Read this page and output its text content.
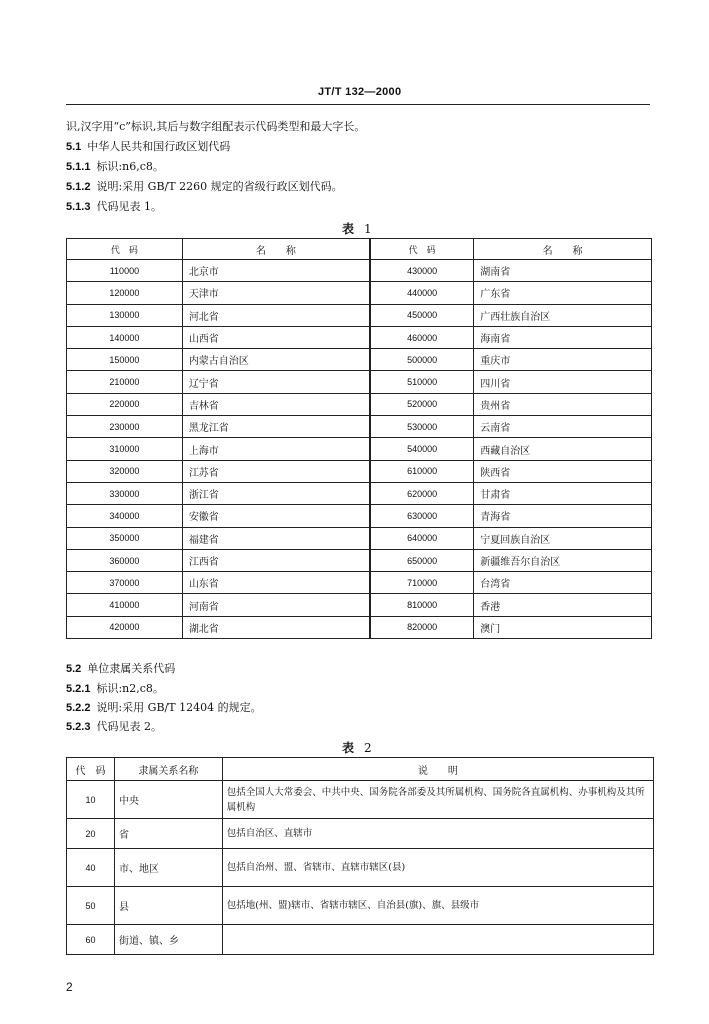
JT/T 132—2000
识,汉字用“c”标识,其后与数字组配表示代码类型和最大字长。
5.1 中华人民共和国行政区划代码
5.1.1 标识:n6,c8。
5.1.2 说明:采用 GB/T 2260 规定的省级行政区划代码。
5.1.3 代码见表 1。
表 1
代　码	名　　称	代　码	名　　称
110000	北京市	430000	湖南省
120000	天津市	440000	广东省
130000	河北省	450000	广西壮族自治区
140000	山西省	460000	海南省
150000	内蒙古自治区	500000	重庆市
210000	辽宁省	510000	四川省
220000	吉林省	520000	贵州省
230000	黑龙江省	530000	云南省
310000	上海市	540000	西藏自治区
320000	江苏省	610000	陕西省
330000	浙江省	620000	甘肃省
340000	安徽省	630000	青海省
350000	福建省	640000	宁夏回族自治区
360000	江西省	650000	新疆维吾尔自治区
370000	山东省	710000	台湾省
410000	河南省	810000	香港
420000	湖北省	820000	澳门
5.2 单位隶属关系代码
5.2.1 标识:n2,c8。
5.2.2 说明:采用 GB/T 12404 的规定。
5.2.3 代码见表 2。
表 2
代　码	隶属关系名称	说　　明
10	中央	包括全国人大常委会、中共中央、国务院各部委及其所属机构、国务院各直属机构、办事机构及其所属机构
20	省	包括自治区、直辖市
40	市、地区	包括自治州、盟、省辖市、直辖市辖区(县)
50	县	包括地(州、盟)辖市、省辖市辖区、自治县(旗)、旗、县级市
60	街道、镇、乡	
2
